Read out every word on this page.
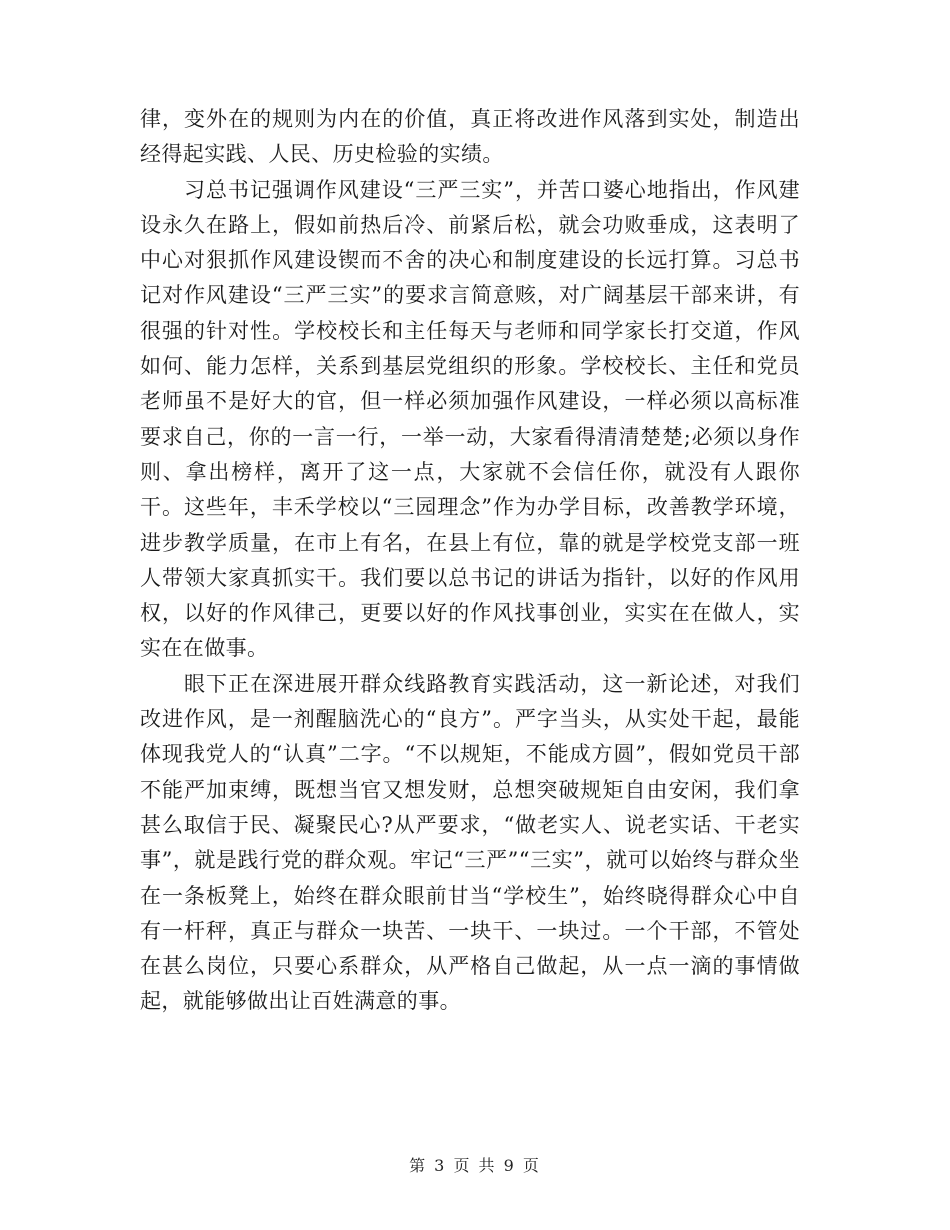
律，变外在的规则为内在的价值，真正将改进作风落到实处，制造出经得起实践、人民、历史检验的实绩。

习总书记强调作风建设“三严三实”，并苦口婆心地指出，作风建设永久在路上，假如前热后冷、前紧后松，就会功败垂成，这表明了中心对狠抓作风建设锲而不舍的决心和制度建设的长远打算。习总书记对作风建设“三严三实”的要求言简意赅，对广阔基层干部来讲，有很强的针对性。学校校长和主任每天与老师和同学家长打交道，作风如何、能力怎样，关系到基层党组织的形象。学校校长、主任和党员老师虽不是好大的官，但一样必须加强作风建设，一样必须以高标准要求自己，你的一言一行，一举一动，大家看得清清楚楚;必须以身作则、拿出榜样，离开了这一点，大家就不会信任你，就没有人跟你干。这些年，丰禾学校以“三园理念”作为办学目标，改善教学环境，进步教学质量，在市上有名，在县上有位，靠的就是学校党支部一班人带领大家真抓实干。我们要以总书记的讲话为指针，以好的作风用权，以好的作风律己，更要以好的作风找事创业，实实在在做人，实实在在做事。

眼下正在深进展开群众线路教育实践活动，这一新论述，对我们改进作风，是一剂醒脑洗心的“良方”。严字当头，从实处干起，最能体现我党人的“认真”二字。“不以规矩，不能成方圆”，假如党员干部不能严加束缚，既想当官又想发财，总想突破规矩自由安闲，我们拿甚么取信于民、凝聚民心?从严要求，“做老实人、说老实话、干老实事”，就是践行党的群众观。牢记“三严”“三实”，就可以始终与群众坐在一条板凳上，始终在群众眼前甘当“学校生”，始终晓得群众心中自有一杆秤，真正与群众一块苦、一块干、一块过。一个干部，不管处在甚么岗位，只要心系群众，从严格自己做起，从一点一滴的事情做起，就能够做出让百姓满意的事。

第 3 页 共 9 页
